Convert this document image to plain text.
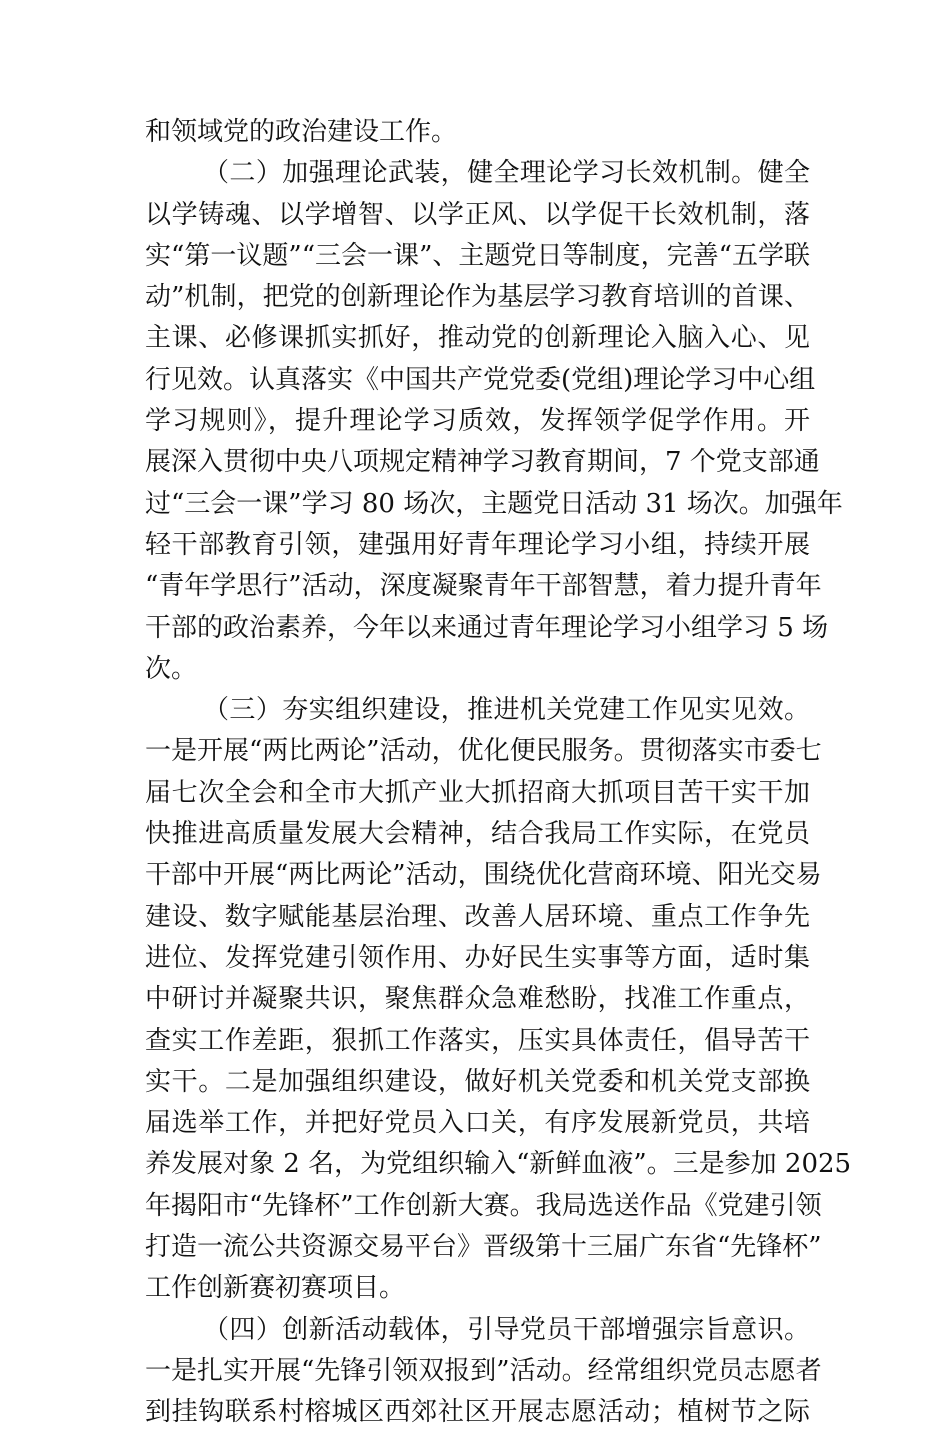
和领域党的政治建设工作。
（二）加强理论武装，健全理论学习长效机制。健全
以学铸魂、以学增智、以学正风、以学促干长效机制，落
实“第一议题”“三会一课”、主题党日等制度，完善“五学联
动”机制，把党的创新理论作为基层学习教育培训的首课、
主课、必修课抓实抓好，推动党的创新理论入脑入心、见
行见效。认真落实《中国共产党党委(党组)理论学习中心组
学习规则》，提升理论学习质效，发挥领学促学作用。开
展深入贯彻中央八项规定精神学习教育期间，7 个党支部通
过“三会一课”学习 80 场次，主题党日活动 31 场次。加强年
轻干部教育引领，建强用好青年理论学习小组，持续开展
“青年学思行”活动，深度凝聚青年干部智慧，着力提升青年
干部的政治素养，今年以来通过青年理论学习小组学习 5 场
次。
（三）夯实组织建设，推进机关党建工作见实见效。
一是开展“两比两论”活动，优化便民服务。贯彻落实市委七
届七次全会和全市大抓产业大抓招商大抓项目苦干实干加
快推进高质量发展大会精神，结合我局工作实际，在党员
干部中开展“两比两论”活动，围绕优化营商环境、阳光交易
建设、数字赋能基层治理、改善人居环境、重点工作争先
进位、发挥党建引领作用、办好民生实事等方面，适时集
中研讨并凝聚共识，聚焦群众急难愁盼，找准工作重点，
查实工作差距，狠抓工作落实，压实具体责任，倡导苦干
实干。二是加强组织建设，做好机关党委和机关党支部换
届选举工作，并把好党员入口关，有序发展新党员，共培
养发展对象 2 名，为党组织输入“新鲜血液”。三是参加 2025
年揭阳市“先锋杯”工作创新大赛。我局选送作品《党建引领
打造一流公共资源交易平台》晋级第十三届广东省“先锋杯”
工作创新赛初赛项目。
（四）创新活动载体，引导党员干部增强宗旨意识。
一是扎实开展“先锋引领双报到”活动。经常组织党员志愿者
到挂钩联系村榕城区西郊社区开展志愿活动；植树节之际
